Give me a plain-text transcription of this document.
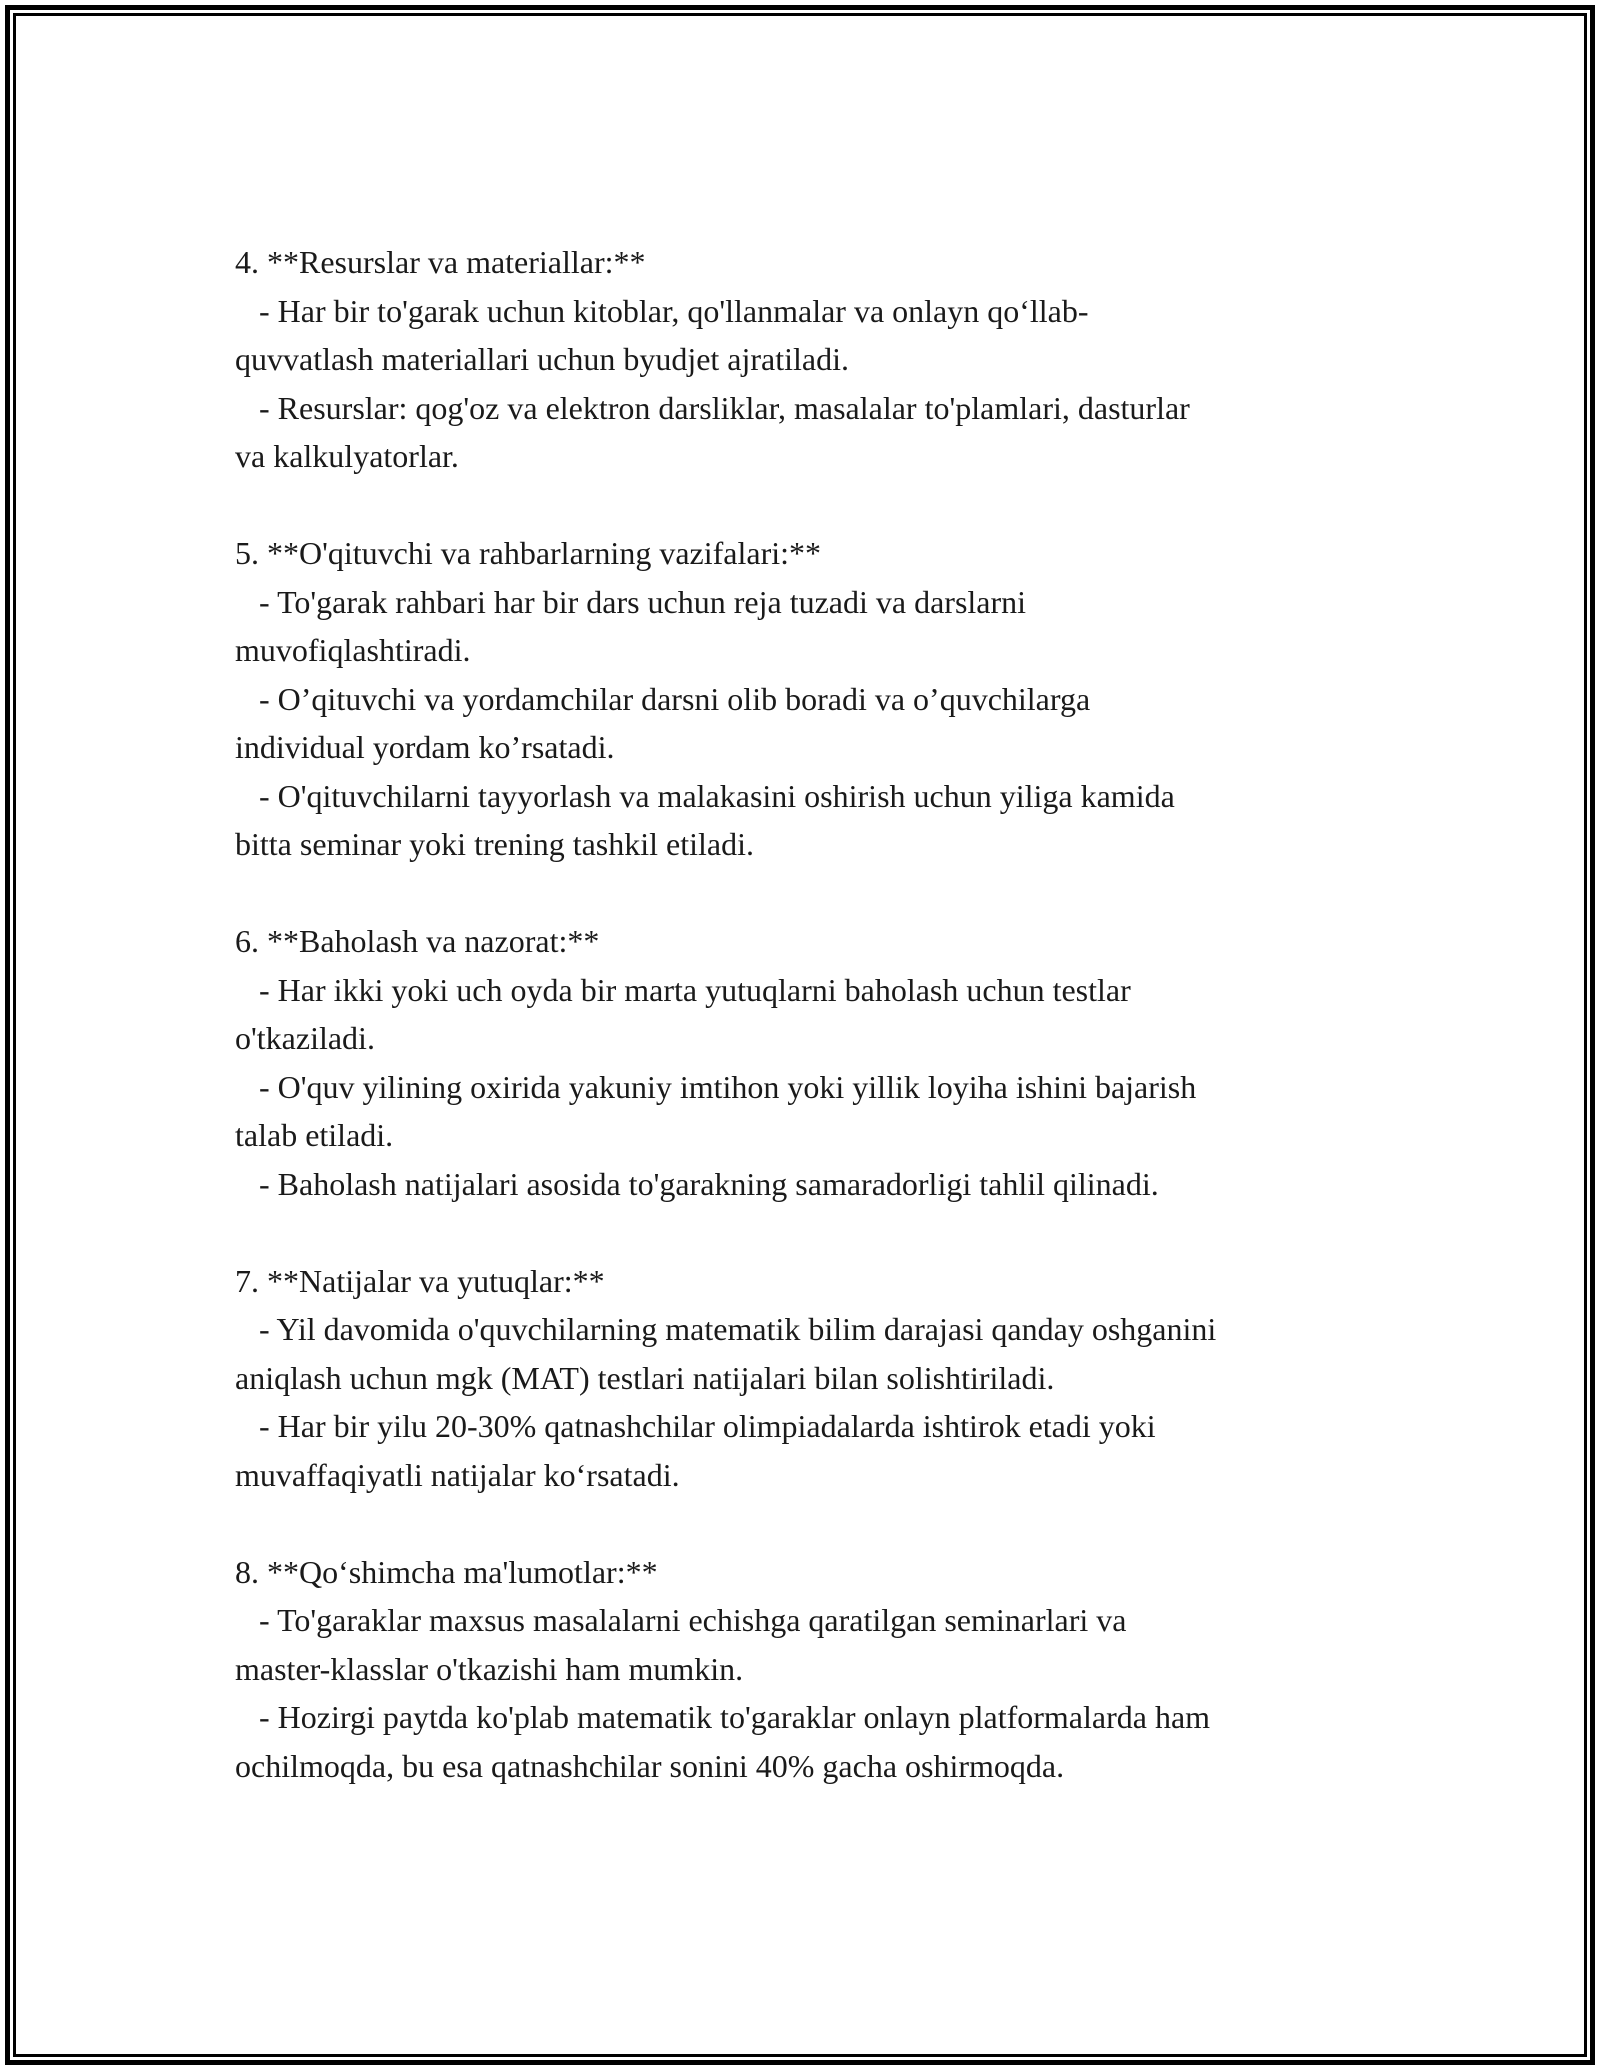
4. **Resurslar va materiallar:**

- Har bir to'garak uchun kitoblar, qo'llanmalar va onlayn qo‘llab-

quvvatlash materiallari uchun byudjet ajratiladi.

- Resurslar: qog'oz va elektron darsliklar, masalalar to'plamlari, dasturlar

va kalkulyatorlar.

5. **O'qituvchi va rahbarlarning vazifalari:**

- To'garak rahbari har bir dars uchun reja tuzadi va darslarni

muvofiqlashtiradi.

- O’qituvchi va yordamchilar darsni olib boradi va o’quvchilarga

individual yordam ko’rsatadi.

- O'qituvchilarni tayyorlash va malakasini oshirish uchun yiliga kamida

bitta seminar yoki trening tashkil etiladi.

6. **Baholash va nazorat:**

- Har ikki yoki uch oyda bir marta yutuqlarni baholash uchun testlar

o'tkaziladi.

- O'quv yilining oxirida yakuniy imtihon yoki yillik loyiha ishini bajarish

talab etiladi.

- Baholash natijalari asosida to'garakning samaradorligi tahlil qilinadi.

7. **Natijalar va yutuqlar:**

- Yil davomida o'quvchilarning matematik bilim darajasi qanday oshganini

aniqlash uchun mgk (MAT) testlari natijalari bilan solishtiriladi.

- Har bir yilu 20-30% qatnashchilar olimpiadalarda ishtirok etadi yoki

muvaffaqiyatli natijalar ko‘rsatadi.

8. **Qo‘shimcha ma'lumotlar:**

- To'garaklar maxsus masalalarni echishga qaratilgan seminarlari va

master-klasslar o'tkazishi ham mumkin.

- Hozirgi paytda ko'plab matematik to'garaklar onlayn platformalarda ham

ochilmoqda, bu esa qatnashchilar sonini 40% gacha oshirmoqda.
